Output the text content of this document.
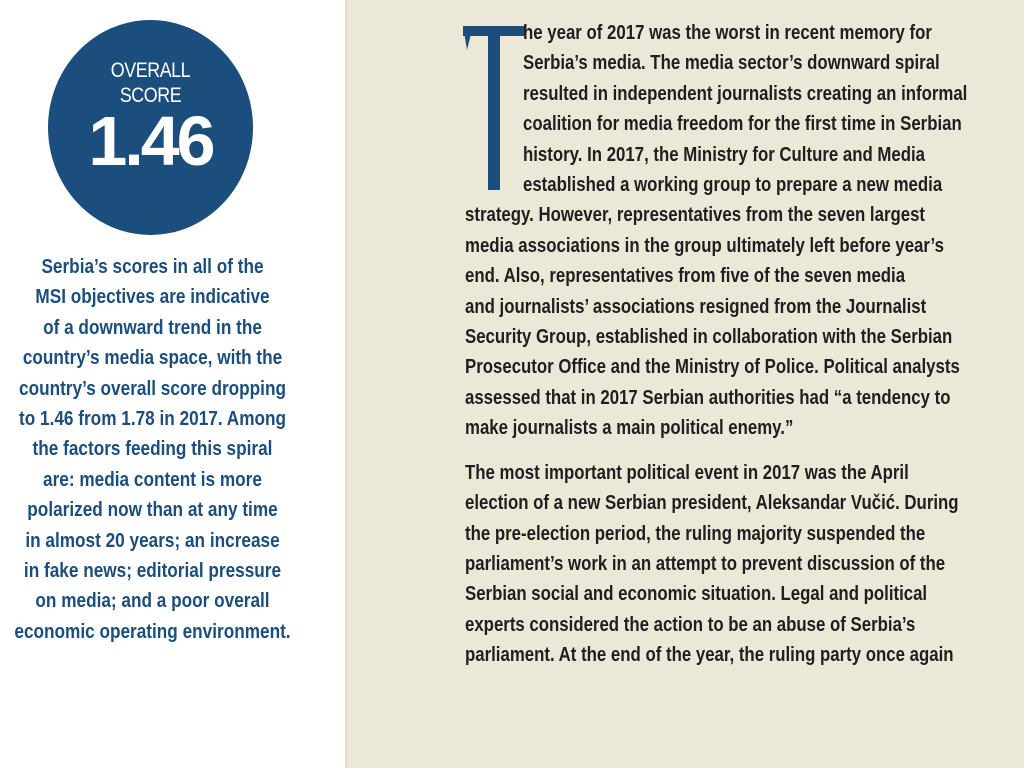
OVERALL
SCORE
1.46
Serbia’s scores in all of the
MSI objectives are indicative
of a downward trend in the
country’s media space, with the
country’s overall score dropping
to 1.46 from 1.78 in 2017. Among
the factors feeding this spiral
are: media content is more
polarized now than at any time
in almost 20 years; an increase
in fake news; editorial pressure
on media; and a poor overall
economic operating environment.
he year of 2017 was the worst in recent memory for
Serbia’s media. The media sector’s downward spiral
resulted in independent journalists creating an informal
coalition for media freedom for the first time in Serbian
history. In 2017, the Ministry for Culture and Media
established a working group to prepare a new media
strategy. However, representatives from the seven largest
media associations in the group ultimately left before year’s
end. Also, representatives from five of the seven media
and journalists’ associations resigned from the Journalist
Security Group, established in collaboration with the Serbian
Prosecutor Office and the Ministry of Police. Political analysts
assessed that in 2017 Serbian authorities had “a tendency to
make journalists a main political enemy.”
The most important political event in 2017 was the April
election of a new Serbian president, Aleksandar Vučić. During
the pre-election period, the ruling majority suspended the
parliament’s work in an attempt to prevent discussion of the
Serbian social and economic situation. Legal and political
experts considered the action to be an abuse of Serbia’s
parliament. At the end of the year, the ruling party once again
